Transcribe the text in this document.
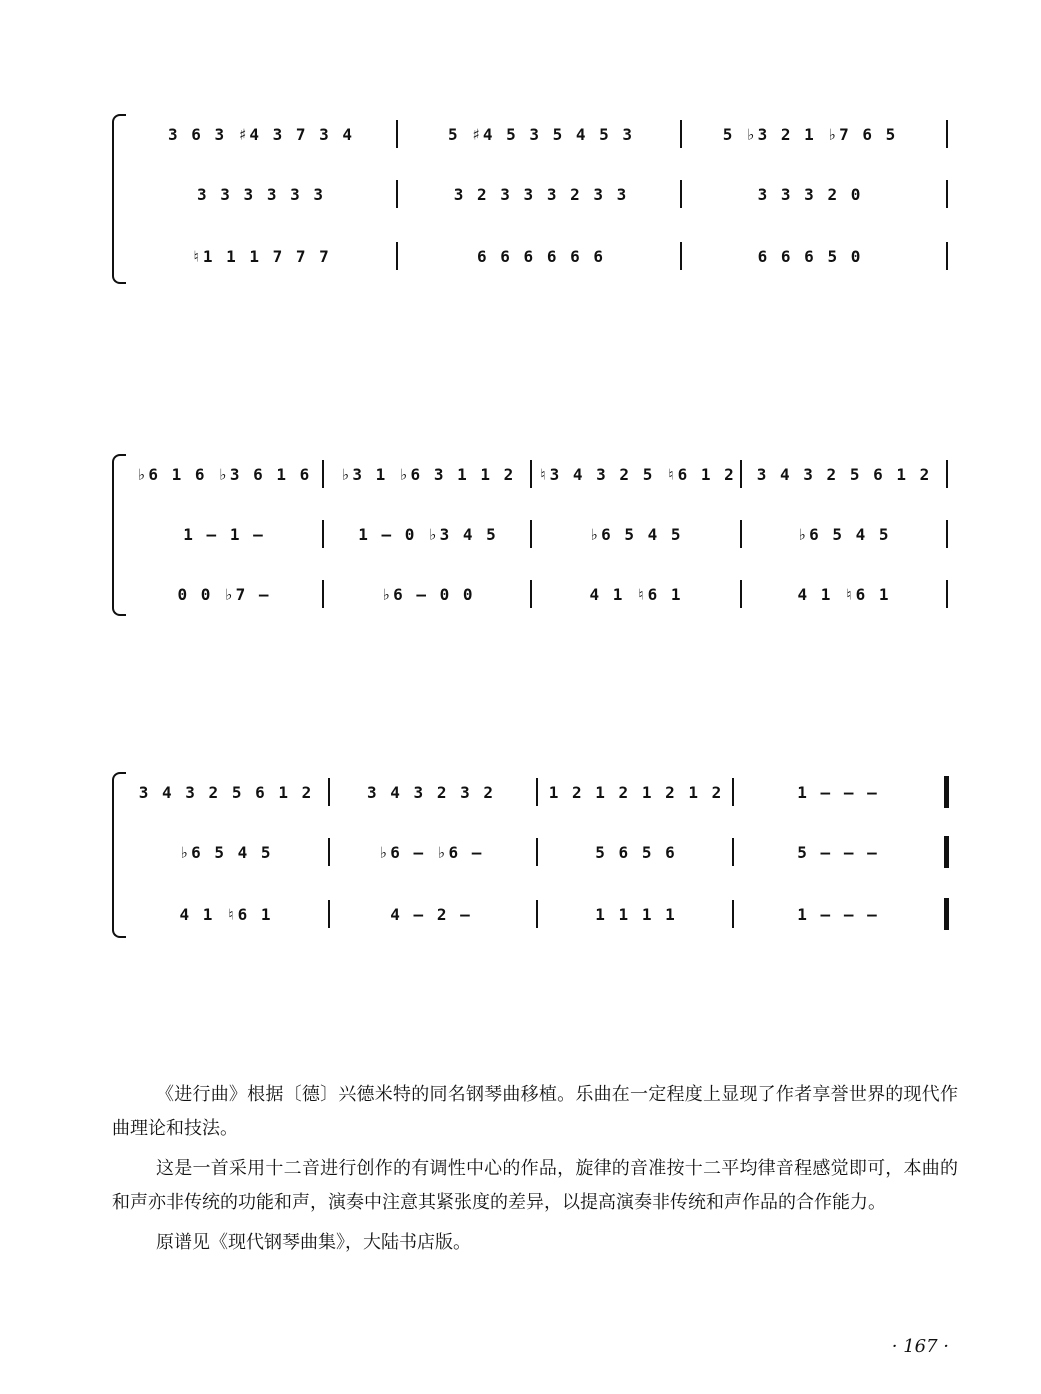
3 6 3 ♯4 3 7 3 4	5 ♯4 5 3 5 4 5 3	5 ♭3 2 1 ♭7 6 5
3 3 3 3 3 3	3 2 3 3 3 2 3 3	3 3 3 2 0
♮1 1 1 7 7 7	6 6 6 6 6 6	6 6 6 5 0
♭6 1 6 ♭3 6 1 6	♭3 1 ♭6 3 1 1 2	♮3 4 3 2 5 ♮6 1 2	3 4 3 2 5 6 1 2
1 – 1 –	1 – 0 ♭3 4 5	♭6 5 4 5	♭6 5 4 5
0 0 ♭7 –	♭6 – 0 0	4 1 ♮6 1	4 1 ♮6 1
3 4 3 2 5 6 1 2	3 4 3 2 3 2	1 2 1 2 1 2 1 2	1 – – –
♭6 5 4 5	♭6 – ♭6 –	5 6 5 6	5 – – –
4 1 ♮6 1	4 – 2 –	1 1 1 1	1 – – –

《进行曲》根据〔德〕兴德米特的同名钢琴曲移植。乐曲在一定程度上显现了作者享誉世界的现代作曲理论和技法。

这是一首采用十二音进行创作的有调性中心的作品，旋律的音准按十二平均律音程感觉即可，本曲的和声亦非传统的功能和声，演奏中注意其紧张度的差异，以提高演奏非传统和声作品的合作能力。

原谱见《现代钢琴曲集》，大陆书店版。

· 167 ·
